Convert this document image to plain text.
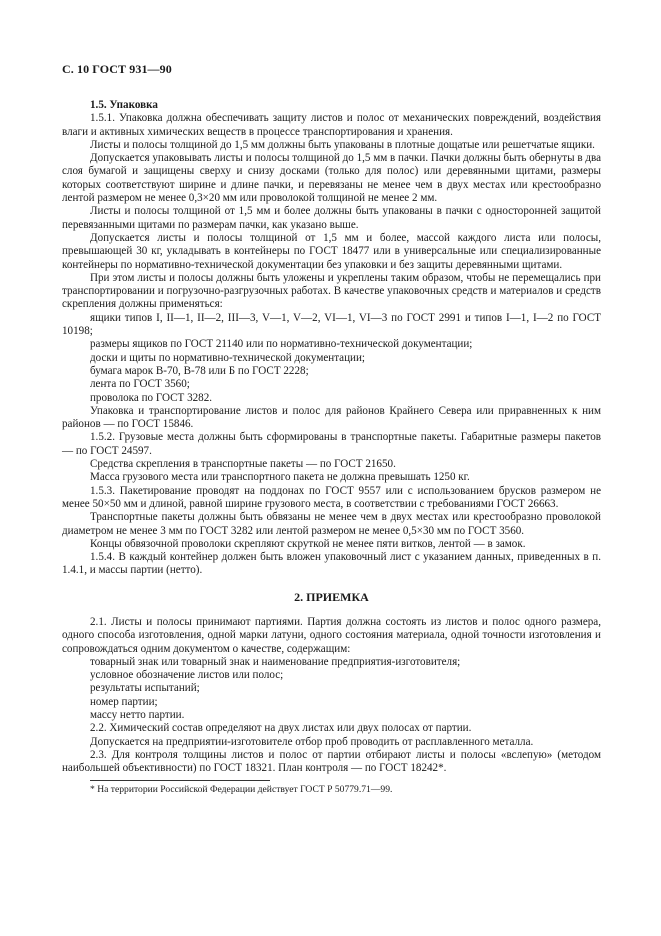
С. 10 ГОСТ 931—90

1.5. Упаковка

1.5.1. Упаковка должна обеспечивать защиту листов и полос от механических повреждений, воздействия влаги и активных химических веществ в процессе транспортирования и хранения.

Листы и полосы толщиной до 1,5 мм должны быть упакованы в плотные дощатые или решетчатые ящики.

Допускается упаковывать листы и полосы толщиной до 1,5 мм в пачки. Пачки должны быть обернуты в два слоя бумагой и защищены сверху и снизу досками (только для полос) или деревянными щитами, размеры которых соответствуют ширине и длине пачки, и перевязаны не менее чем в двух местах или крестообразно лентой размером не менее 0,3×20 мм или проволокой толщиной не менее 2 мм.

Листы и полосы толщиной от 1,5 мм и более должны быть упакованы в пачки с односторонней защитой перевязанными щитами по размерам пачки, как указано выше.

Допускается листы и полосы толщиной от 1,5 мм и более, массой каждого листа или полосы, превышающей 30 кг, укладывать в контейнеры по ГОСТ 18477 или в универсальные или специализированные контейнеры по нормативно-технической документации без упаковки и без защиты деревянными щитами.

При этом листы и полосы должны быть уложены и укреплены таким образом, чтобы не перемещались при транспортировании и погрузочно-разгрузочных работах. В качестве упаковочных средств и материалов и средств скрепления должны применяться:

ящики типов I, II—1, II—2, III—3, V—1, V—2, VI—1, VI—3 по ГОСТ 2991 и типов I—1, I—2 по ГОСТ 10198;

размеры ящиков по ГОСТ 21140 или по нормативно-технической документации;

доски и щиты по нормативно-технической документации;

бумага марок В-70, В-78 или Б по ГОСТ 2228;

лента по ГОСТ 3560;

проволока по ГОСТ 3282.

Упаковка и транспортирование листов и полос для районов Крайнего Севера или приравненных к ним районов — по ГОСТ 15846.

1.5.2. Грузовые места должны быть сформированы в транспортные пакеты. Габаритные размеры пакетов — по ГОСТ 24597.

Средства скрепления в транспортные пакеты — по ГОСТ 21650.

Масса грузового места или транспортного пакета не должна превышать 1250 кг.

1.5.3. Пакетирование проводят на поддонах по ГОСТ 9557 или с использованием брусков размером не менее 50×50 мм и длиной, равной ширине грузового места, в соответствии с требованиями ГОСТ 26663.

Транспортные пакеты должны быть обвязаны не менее чем в двух местах или крестообразно проволокой диаметром не менее 3 мм по ГОСТ 3282 или лентой размером не менее 0,5×30 мм по ГОСТ 3560.

Концы обвязочной проволоки скрепляют скруткой не менее пяти витков, лентой — в замок.

1.5.4. В каждый контейнер должен быть вложен упаковочный лист с указанием данных, приведенных в п. 1.4.1, и массы партии (нетто).

2. ПРИЕМКА

2.1. Листы и полосы принимают партиями. Партия должна состоять из листов и полос одного размера, одного способа изготовления, одной марки латуни, одного состояния материала, одной точности изготовления и сопровождаться одним документом о качестве, содержащим:

товарный знак или товарный знак и наименование предприятия-изготовителя;

условное обозначение листов или полос;

результаты испытаний;

номер партии;

массу нетто партии.

2.2. Химический состав определяют на двух листах или двух полосах от партии.

Допускается на предприятии-изготовителе отбор проб проводить от расплавленного металла.

2.3. Для контроля толщины листов и полос от партии отбирают листы и полосы «вслепую» (методом наибольшей объективности) по ГОСТ 18321. План контроля — по ГОСТ 18242*.

* На территории Российской Федерации действует ГОСТ Р 50779.71—99.
